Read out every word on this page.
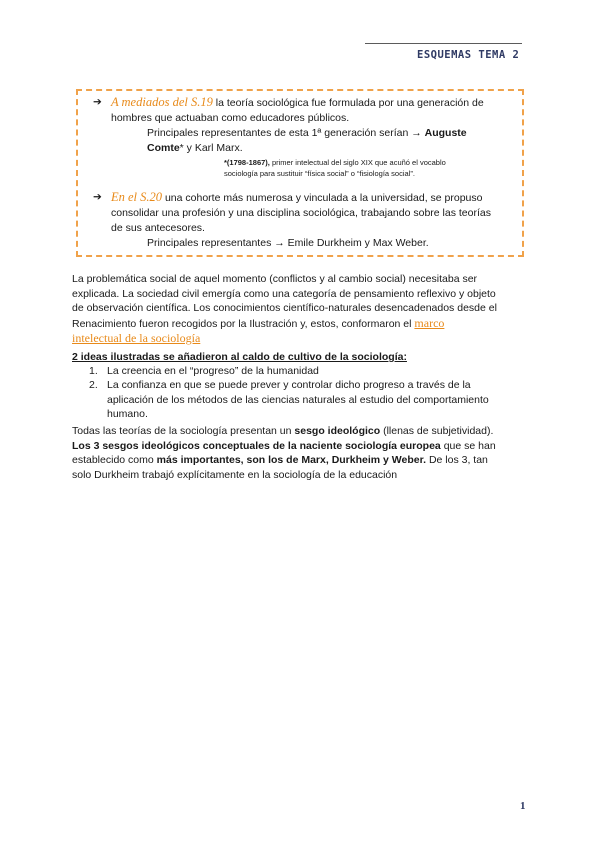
ESQUEMAS TEMA 2
➔ A mediados del S.19 la teoría sociológica fue formulada por una generación de
hombres que actuaban como educadores públicos.
Principales representantes de esta 1ª generación serían → Auguste
Comte* y Karl Marx.
*(1798-1867), primer intelectual del siglo XIX que acuñó el vocablo
sociología para sustituir “física social” o “fisiología social”.
➔ En el S.20 una cohorte más numerosa y vinculada a la universidad, se propuso
consolidar una profesión y una disciplina sociológica, trabajando sobre las teorías
de sus antecesores.
Principales representantes → Emile Durkheim y Max Weber.
La problemática social de aquel momento (conflictos y al cambio social) necesitaba ser
explicada. La sociedad civil emergía como una categoría de pensamiento reflexivo y objeto
de observación científica. Los conocimientos científico-naturales desencadenados desde el
Renacimiento fueron recogidos por la Ilustración y, estos, conformaron el marco
intelectual de la sociología
2 ideas ilustradas se añadieron al caldo de cultivo de la sociología:
1. La creencia en el “progreso” de la humanidad
2. La confianza en que se puede prever y controlar dicho progreso a través de la
aplicación de los métodos de las ciencias naturales al estudio del comportamiento
humano.
Todas las teorías de la sociología presentan un sesgo ideológico (llenas de subjetividad).
Los 3 sesgos ideológicos conceptuales de la naciente sociología europea que se han
establecido como más importantes, son los de Marx, Durkheim y Weber. De los 3, tan
solo Durkheim trabajó explícitamente en la sociología de la educación
1
